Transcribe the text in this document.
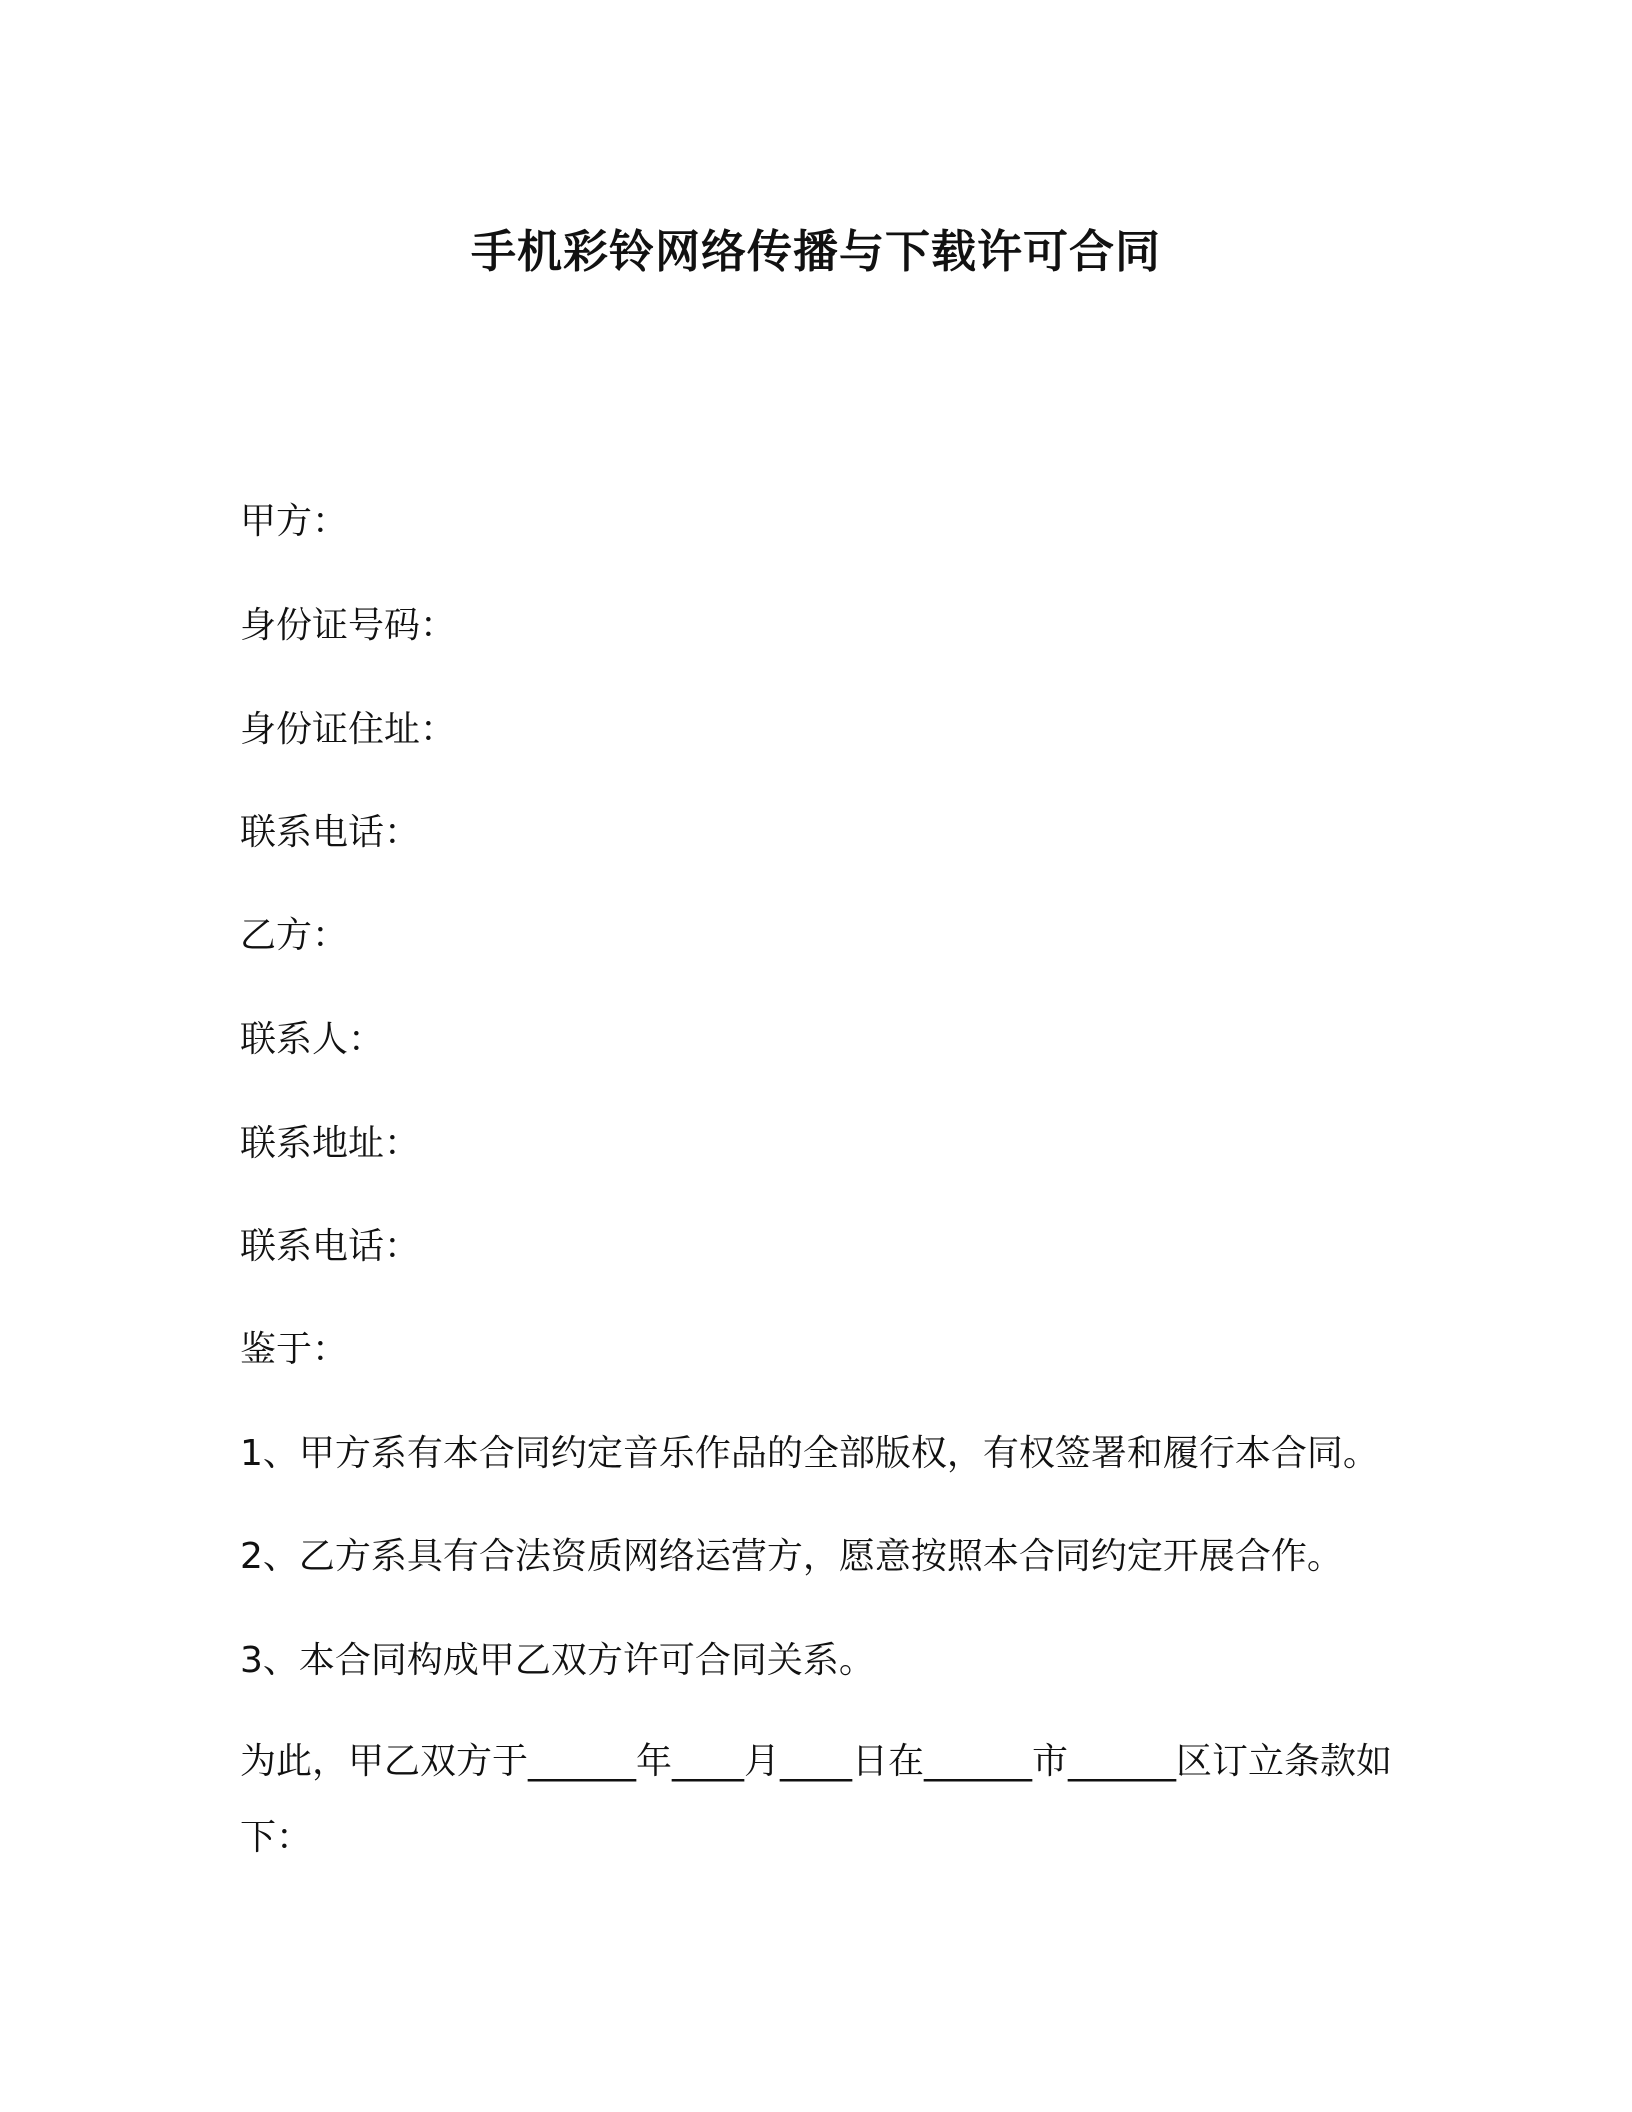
手机彩铃网络传播与下载许可合同
甲方：
身份证号码：
身份证住址：
联系电话：
乙方：
联系人：
联系地址：
联系电话：
鉴于：
1、甲方系有本合同约定音乐作品的全部版权，有权签署和履行本合同。
2、乙方系具有合法资质网络运营方，愿意按照本合同约定开展合作。
3、本合同构成甲乙双方许可合同关系。
为此，甲乙双方于______年____月____日在______市______区订立条款如下：
